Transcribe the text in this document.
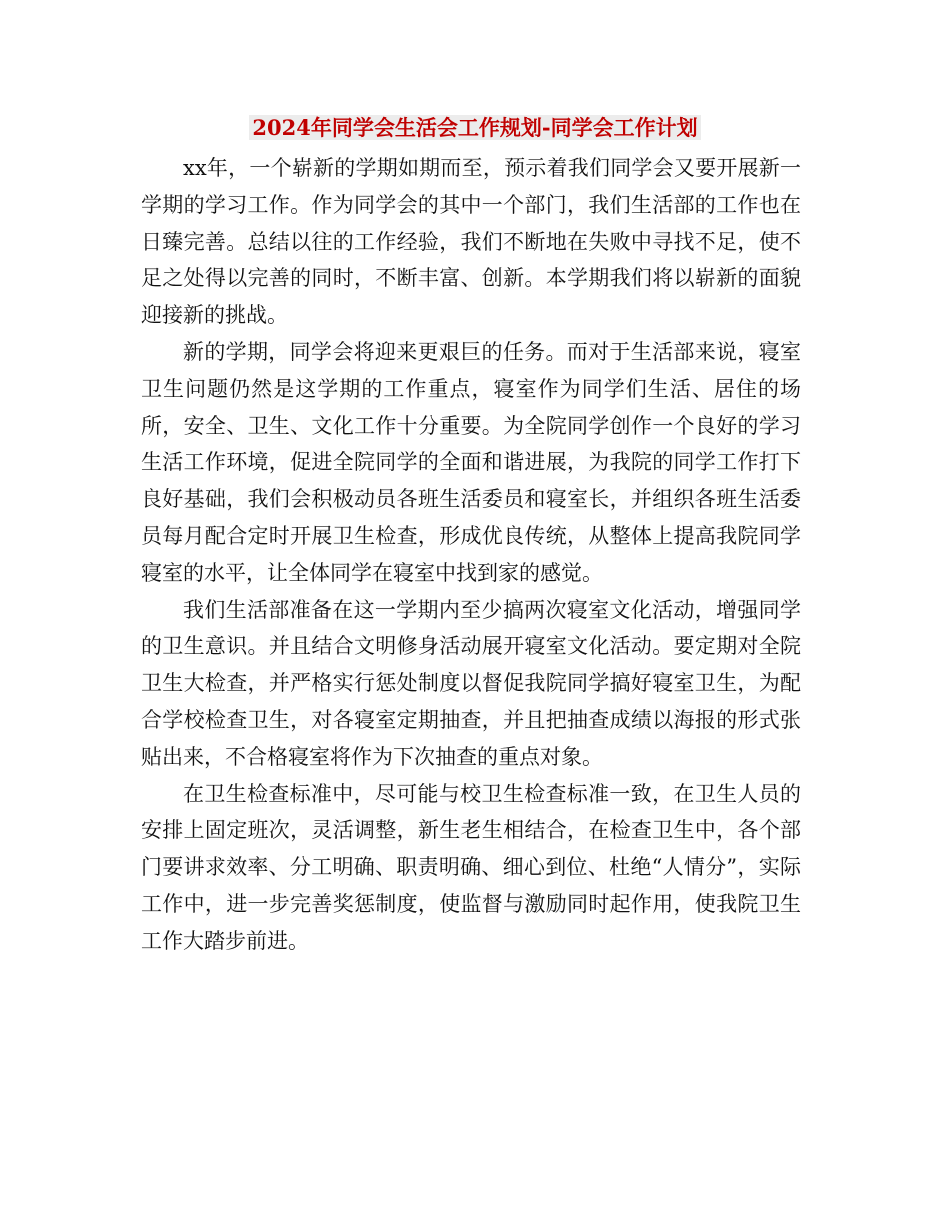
2024年同学会生活会工作规划-同学会工作计划

xx年，一个崭新的学期如期而至，预示着我们同学会又要开展新一学期的学习工作。作为同学会的其中一个部门，我们生活部的工作也在日臻完善。总结以往的工作经验，我们不断地在失败中寻找不足，使不足之处得以完善的同时，不断丰富、创新。本学期我们将以崭新的面貌迎接新的挑战。

新的学期，同学会将迎来更艰巨的任务。而对于生活部来说，寝室卫生问题仍然是这学期的工作重点，寝室作为同学们生活、居住的场所，安全、卫生、文化工作十分重要。为全院同学创作一个良好的学习生活工作环境，促进全院同学的全面和谐进展，为我院的同学工作打下良好基础，我们会积极动员各班生活委员和寝室长，并组织各班生活委员每月配合定时开展卫生检查，形成优良传统，从整体上提高我院同学寝室的水平，让全体同学在寝室中找到家的感觉。

我们生活部准备在这一学期内至少搞两次寝室文化活动，增强同学的卫生意识。并且结合文明修身活动展开寝室文化活动。要定期对全院卫生大检查，并严格实行惩处制度以督促我院同学搞好寝室卫生，为配合学校检查卫生，对各寝室定期抽查，并且把抽查成绩以海报的形式张贴出来，不合格寝室将作为下次抽查的重点对象。

在卫生检查标准中，尽可能与校卫生检查标准一致，在卫生人员的安排上固定班次，灵活调整，新生老生相结合，在检查卫生中，各个部门要讲求效率、分工明确、职责明确、细心到位、杜绝“人情分”，实际工作中，进一步完善奖惩制度，使监督与激励同时起作用，使我院卫生工作大踏步前进。
